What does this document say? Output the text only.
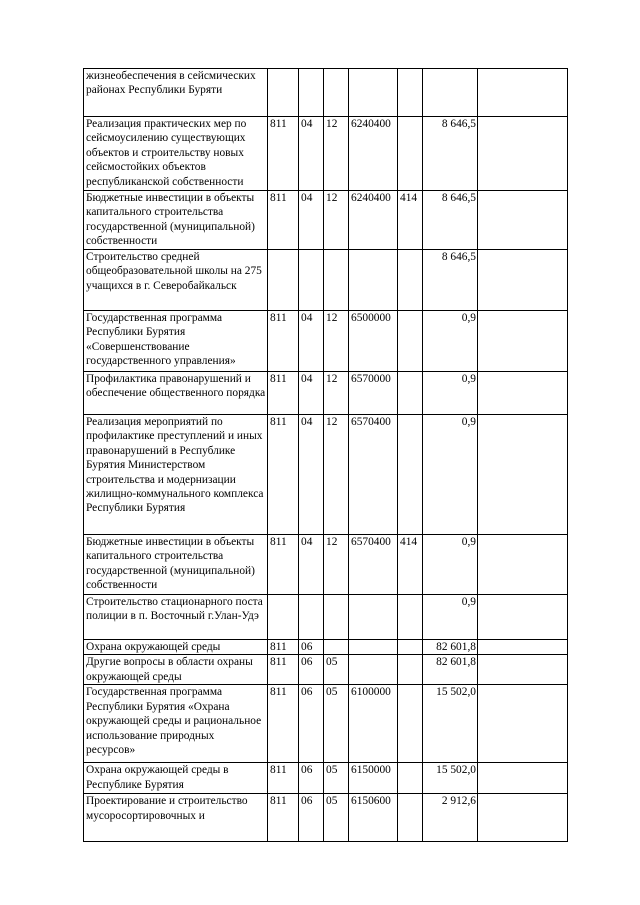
жизнеобеспечения в сейсмических районах Республики Буряти							
Реализация практических мер по сейсмоусилению существующих объектов и строительству новых сейсмостойких объектов республиканской собственности	811	04	12	6240400		8 646,5	
Бюджетные инвестиции в объекты капитального строительства государственной (муниципальной) собственности	811	04	12	6240400	414	8 646,5	
Строительство средней общеобразовательной школы на 275 учащихся в г. Северобайкальск						8 646,5	
Государственная программа Республики Бурятия «Совершенствование государственного управления»	811	04	12	6500000		0,9	
Профилактика правонарушений и обеспечение общественного порядка	811	04	12	6570000		0,9	
Реализация мероприятий по профилактике преступлений и иных правонарушений в Республике Бурятия Министерством строительства и модернизации жилищно-коммунального комплекса Республики Бурятия	811	04	12	6570400		0,9	
Бюджетные инвестиции в объекты капитального строительства государственной (муниципальной) собственности	811	04	12	6570400	414	0,9	
Строительство стационарного поста полиции в п. Восточный г.Улан-Удэ						0,9	
Охрана окружающей среды	811	06				82 601,8	
Другие вопросы в области охраны окружающей среды	811	06	05			82 601,8	
Государственная программа Республики Бурятия «Охрана окружающей среды и рациональное использование природных ресурсов»	811	06	05	6100000		15 502,0	
Охрана окружающей среды в Республике Бурятия	811	06	05	6150000		15 502,0	
Проектирование и строительство мусоросортировочных и	811	06	05	6150600		2 912,6	
